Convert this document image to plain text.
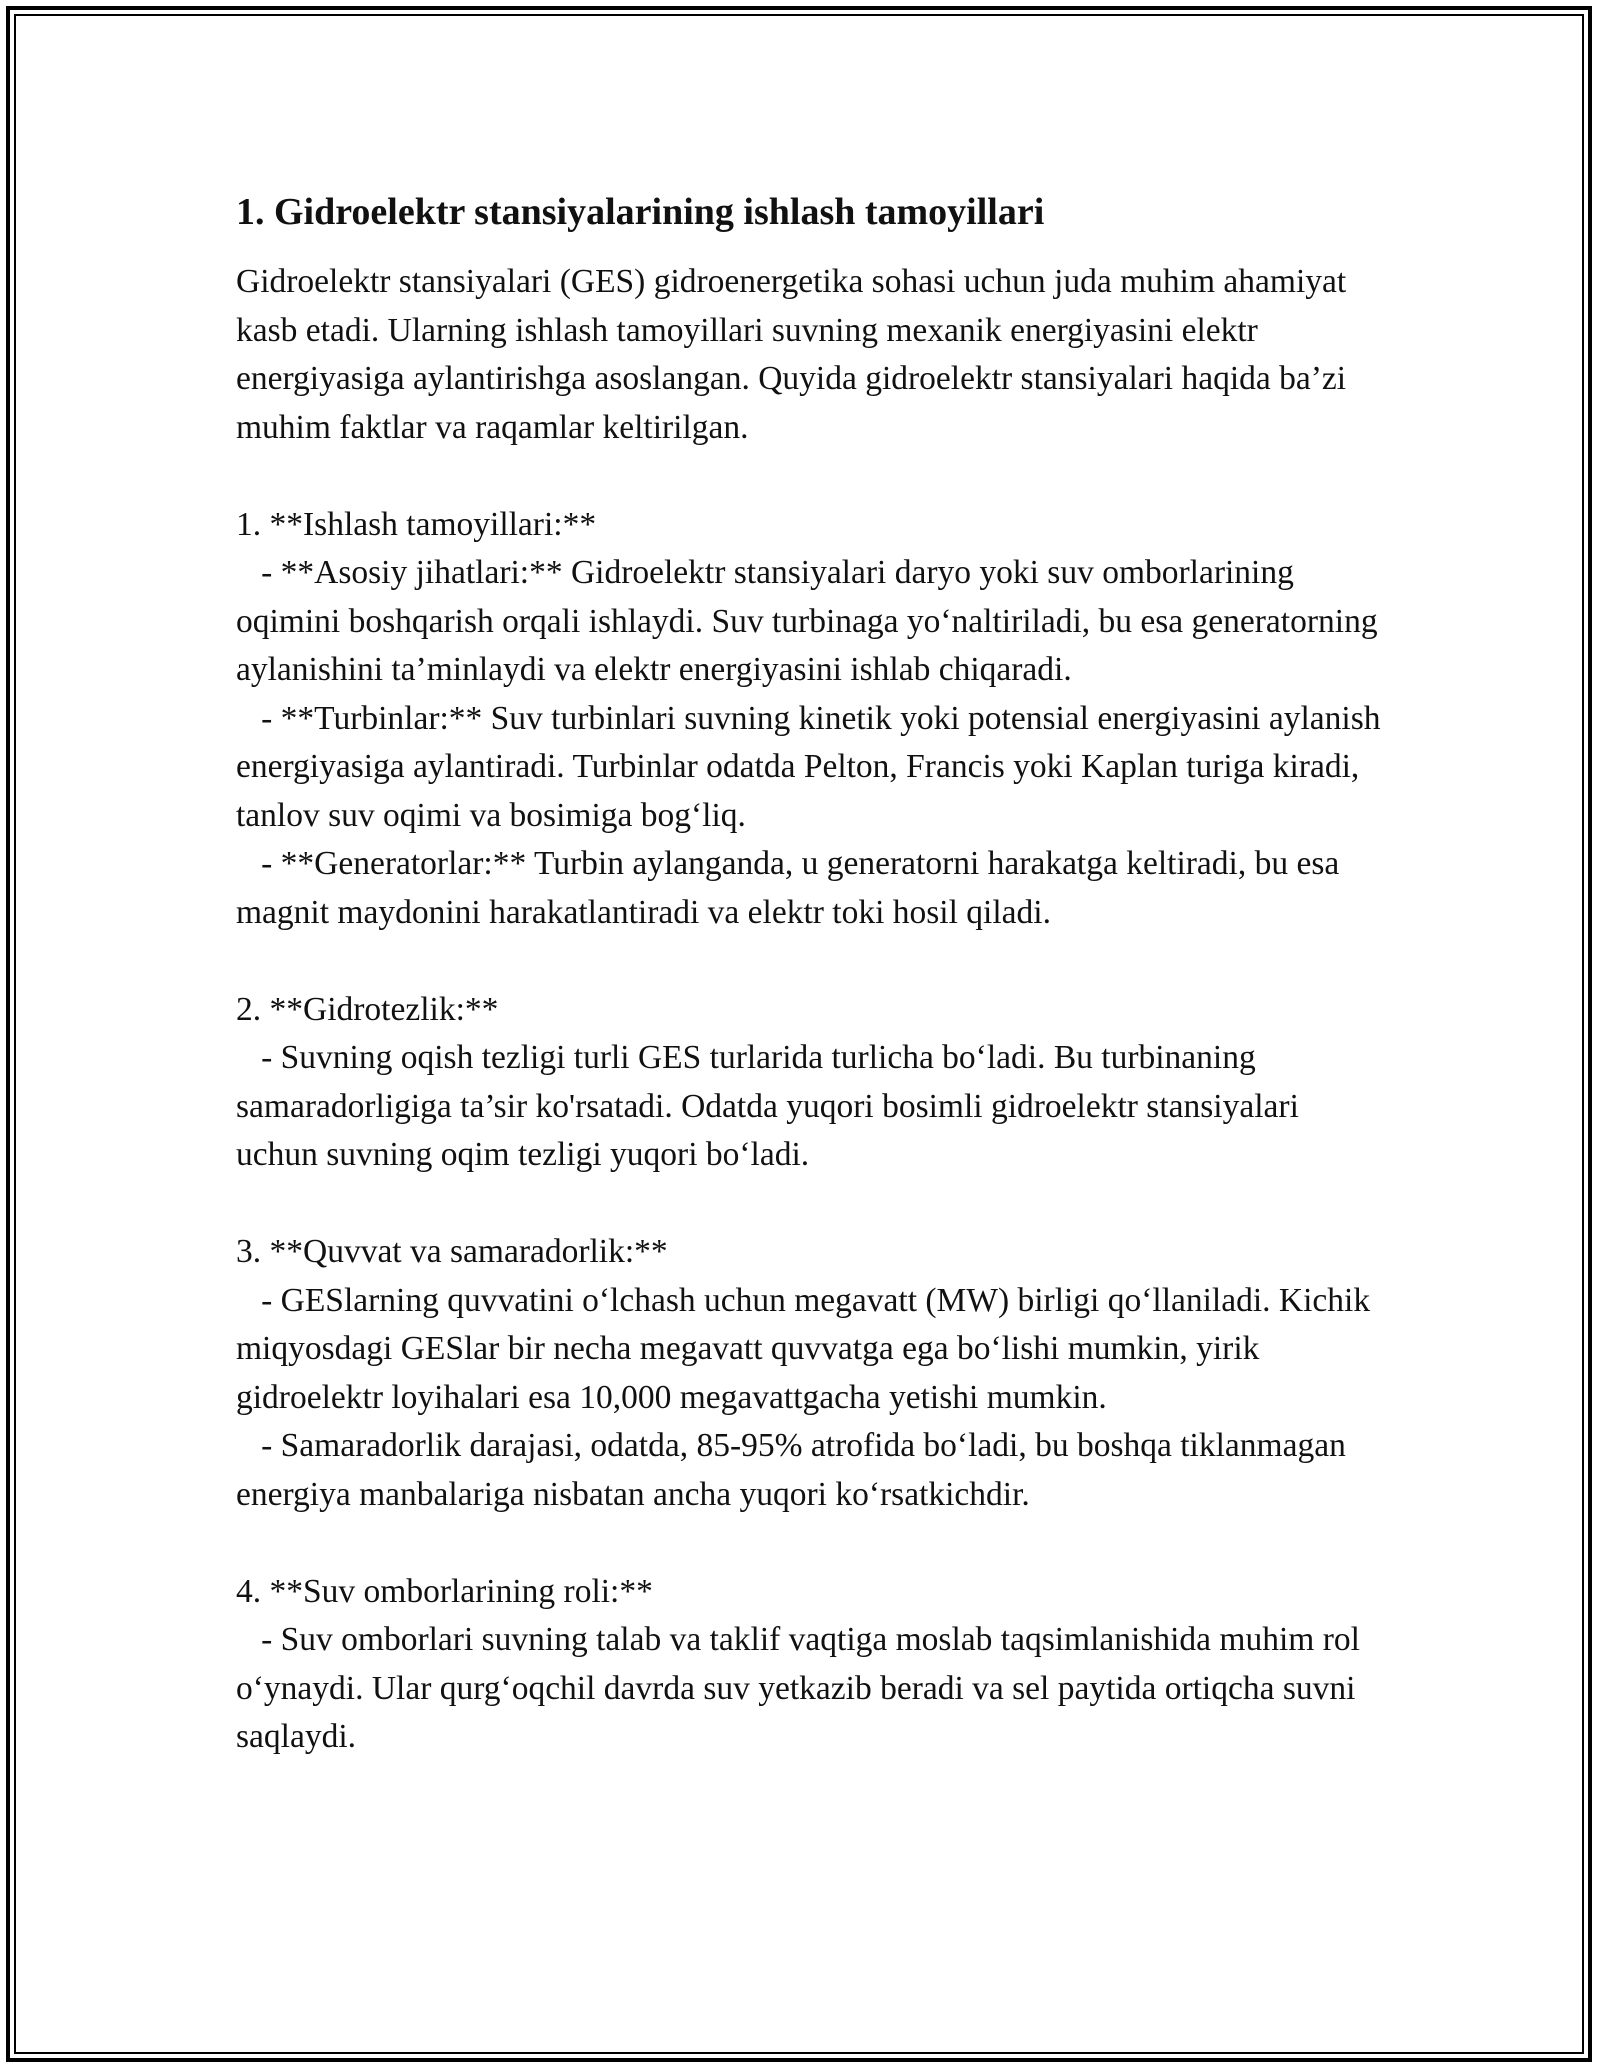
1. Gidroelektr stansiyalarining ishlash tamoyillari

Gidroelektr stansiyalari (GES) gidroenergetika sohasi uchun juda muhim ahamiyat kasb etadi. Ularning ishlash tamoyillari suvning mexanik energiyasini elektr energiyasiga aylantirishga asoslangan. Quyida gidroelektr stansiyalari haqida ba’zi muhim faktlar va raqamlar keltirilgan.

1. **Ishlash tamoyillari:**

- **Asosiy jihatlari:** Gidroelektr stansiyalari daryo yoki suv omborlarining oqimini boshqarish orqali ishlaydi. Suv turbinaga yo‘naltiriladi, bu esa generatorning aylanishini ta’minlaydi va elektr energiyasini ishlab chiqaradi.

- **Turbinlar:** Suv turbinlari suvning kinetik yoki potensial energiyasini aylanish energiyasiga aylantiradi. Turbinlar odatda Pelton, Francis yoki Kaplan turiga kiradi, tanlov suv oqimi va bosimiga bog‘liq.

- **Generatorlar:** Turbin aylanganda, u generatorni harakatga keltiradi, bu esa magnit maydonini harakatlantiradi va elektr toki hosil qiladi.

2. **Gidrotezlik:**

- Suvning oqish tezligi turli GES turlarida turlicha bo‘ladi. Bu turbinaning samaradorligiga ta’sir ko'rsatadi. Odatda yuqori bosimli gidroelektr stansiyalari uchun suvning oqim tezligi yuqori bo‘ladi.

3. **Quvvat va samaradorlik:**

- GESlarning quvvatini o‘lchash uchun megavatt (MW) birligi qo‘llaniladi. Kichik miqyosdagi GESlar bir necha megavatt quvvatga ega bo‘lishi mumkin, yirik gidroelektr loyihalari esa 10,000 megavattgacha yetishi mumkin.

- Samaradorlik darajasi, odatda, 85-95% atrofida bo‘ladi, bu boshqa tiklanmagan energiya manbalariga nisbatan ancha yuqori ko‘rsatkichdir.

4. **Suv omborlarining roli:**

- Suv omborlari suvning talab va taklif vaqtiga moslab taqsimlanishida muhim rol o‘ynaydi. Ular qurg‘oqchil davrda suv yetkazib beradi va sel paytida ortiqcha suvni saqlaydi.
